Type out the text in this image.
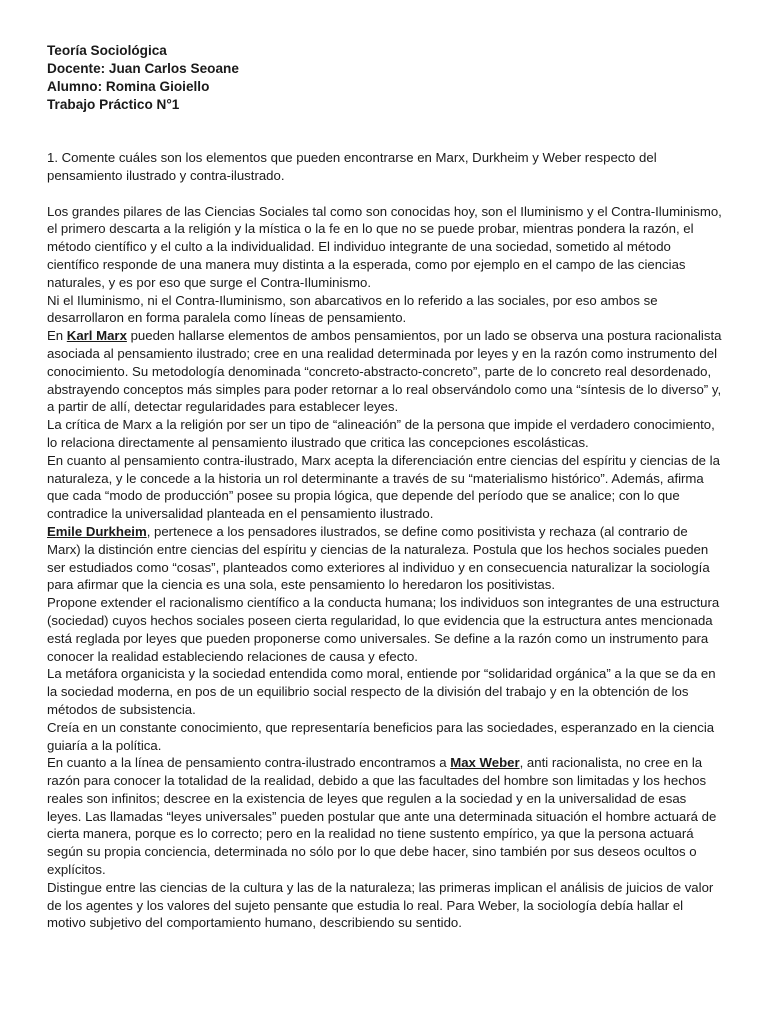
Teoría Sociológica
Docente: Juan Carlos Seoane
Alumno: Romina Gioiello
Trabajo Práctico N°1

1. Comente cuáles son los elementos que pueden encontrarse en Marx, Durkheim y Weber respecto del pensamiento ilustrado y contra-ilustrado.

Los grandes pilares de las Ciencias Sociales tal como son conocidas hoy, son el Iluminismo y el Contra-Iluminismo, el primero descarta a la religión y la mística o la fe en lo que no se puede probar, mientras pondera la razón, el método científico y el culto a la individualidad. El individuo integrante de una sociedad, sometido al método científico responde de una manera muy distinta a la esperada, como por ejemplo en el campo de las ciencias naturales, y es por eso que surge el Contra-Iluminismo.

Ni el Iluminismo, ni el Contra-Iluminismo, son abarcativos en lo referido a las sociales, por eso ambos se desarrollaron en forma paralela como líneas de pensamiento.

En Karl Marx pueden hallarse elementos de ambos pensamientos, por un lado se observa una postura racionalista asociada al pensamiento ilustrado; cree en una realidad determinada por leyes y en la razón como instrumento del conocimiento. Su metodología denominada “concreto-abstracto-concreto”, parte de lo concreto real desordenado, abstrayendo conceptos más simples para poder retornar a lo real observándolo como una “síntesis de lo diverso” y, a partir de allí, detectar regularidades para establecer leyes.

La crítica de Marx a la religión por ser un tipo de “alineación” de la persona que impide el verdadero conocimiento, lo relaciona directamente al pensamiento ilustrado que critica las concepciones escolásticas.

En cuanto al pensamiento contra-ilustrado, Marx acepta la diferenciación entre ciencias del espíritu y ciencias de la naturaleza, y le concede a la historia un rol determinante a través de su “materialismo histórico”. Además, afirma que cada “modo de producción” posee su propia lógica, que depende del período que se analice; con lo que contradice la universalidad planteada en el pensamiento ilustrado.

Emile Durkheim, pertenece a los pensadores ilustrados, se define como positivista y rechaza (al contrario de Marx) la distinción entre ciencias del espíritu y ciencias de la naturaleza. Postula que los hechos sociales pueden ser estudiados como “cosas”, planteados como exteriores al individuo y en consecuencia naturalizar la sociología para afirmar que la ciencia es una sola, este pensamiento lo heredaron los positivistas.

Propone extender el racionalismo científico a la conducta humana; los individuos son integrantes de una estructura (sociedad) cuyos hechos sociales poseen cierta regularidad, lo que evidencia que la estructura antes mencionada está reglada por leyes que pueden proponerse como universales. Se define a la razón como un instrumento para conocer la realidad estableciendo relaciones de causa y efecto.

La metáfora organicista y la sociedad entendida como moral, entiende por “solidaridad orgánica” a la que se da en la sociedad moderna, en pos de un equilibrio social respecto de la división del trabajo y en la obtención de los métodos de subsistencia.

Creía en un constante conocimiento, que representaría beneficios para las sociedades, esperanzado en la ciencia guiaría a la política.

En cuanto a la línea de pensamiento contra-ilustrado encontramos a Max Weber, anti racionalista, no cree en la razón para conocer la totalidad de la realidad, debido a que las facultades del hombre son limitadas y los hechos reales son infinitos; descree en la existencia de leyes que regulen a la sociedad y en la universalidad de esas leyes. Las llamadas “leyes universales” pueden postular que ante una determinada situación el hombre actuará de cierta manera, porque es lo correcto; pero en la realidad no tiene sustento empírico, ya que la persona actuará según su propia conciencia, determinada no sólo por lo que debe hacer, sino también por sus deseos ocultos o explícitos.

Distingue entre las ciencias de la cultura y las de la naturaleza; las primeras implican el análisis de juicios de valor de los agentes y los valores del sujeto pensante que estudia lo real. Para Weber, la sociología debía hallar el motivo subjetivo del comportamiento humano, describiendo su sentido.
